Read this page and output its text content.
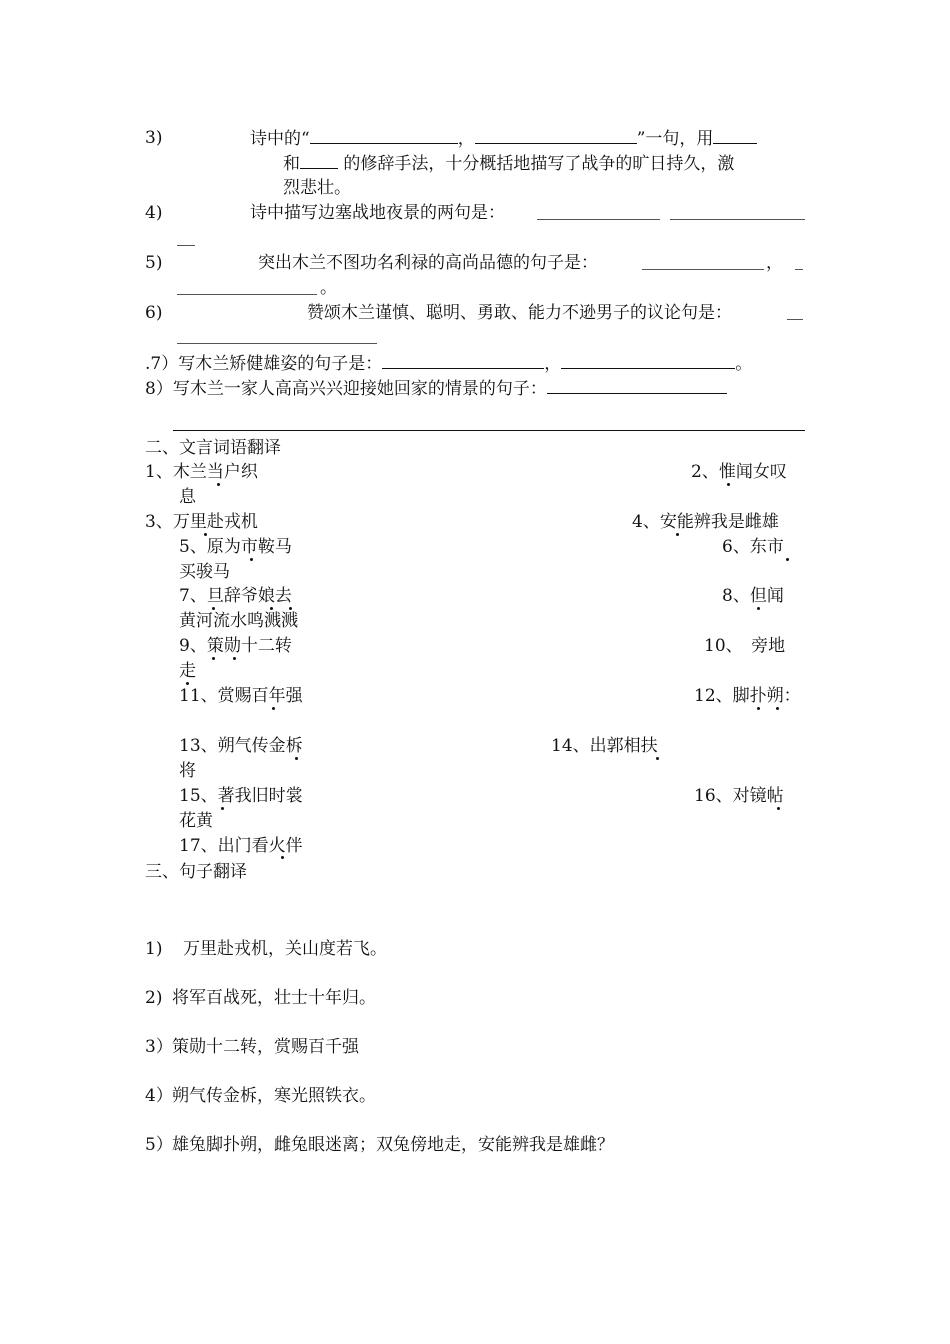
3)	诗中的“	，	”一句，用
和 的修辞手法，十分概括地描写了战争的旷日持久，激
烈悲壮。
4)	诗中描写边塞战地夜景的两句是：
5)	突出木兰不图功名利禄的高尚品德的句子是：	，
。
6)	赞颂木兰谨慎、聪明、勇敢、能力不逊男子的议论句是：
.7）写木兰矫健雄姿的句子是：	，	。
8）写木兰一家人高高兴兴迎接她回家的情景的句子：
二、文言词语翻译
1、木兰当户织	2、惟闻女叹
息
3、万里赴戎机	4、安能辨我是雌雄
5、原为市鞍马	6、东市
买骏马
7、旦辞爷娘去	8、但闻
黄河流水鸣溅溅
9、策勋十二转	10、　旁地
走
11、赏赐百年强	12、脚扑朔：
13、朔气传金柝	14、出郭相扶
将
15、著我旧时裳	16、对镜帖
花黄
17、出门看火伴
三、句子翻译
1) 万里赴戎机，关山度若飞。
2) 将军百战死，壮士十年归。
3） 策勋十二转，赏赐百千强
4） 朔气传金柝，寒光照铁衣。
5） 雄兔脚扑朔，雌兔眼迷离；双兔傍地走，安能辨我是雄雌？
